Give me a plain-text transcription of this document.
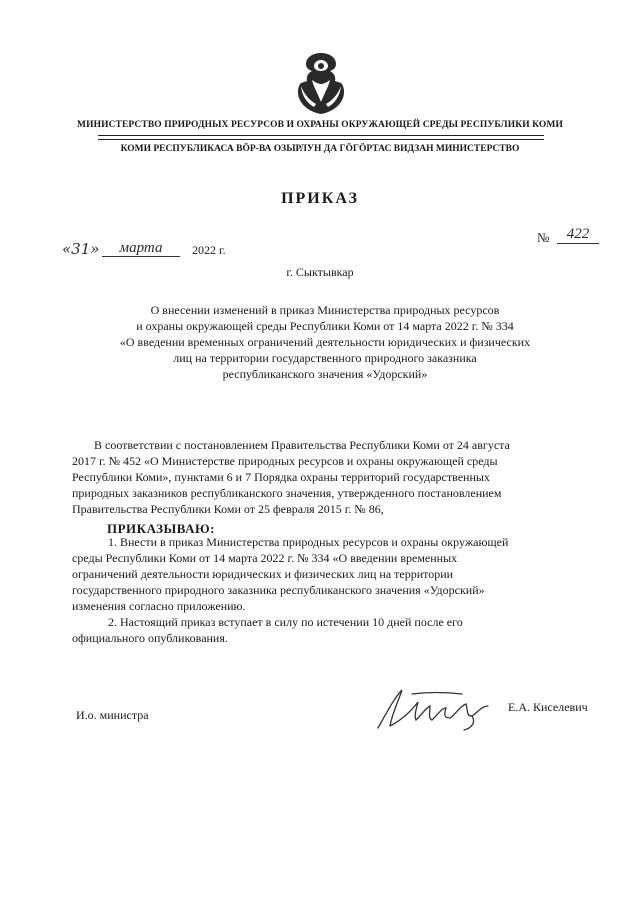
МИНИСТЕРСТВО ПРИРОДНЫХ РЕСУРСОВ И ОХРАНЫ ОКРУЖАЮЩЕЙ СРЕДЫ РЕСПУБЛИКИ КОМИ
КОМИ РЕСПУБЛИКАСА ВӦР-ВА ОЗЫРЛУН ДА ГӦГӦРТАС ВИДЗАН МИНИСТЕРСТВО
ПРИКАЗ
«31»	марта	2022 г.
№	422
г. Сыктывкар
О внесении изменений в приказ Министерства природных ресурсов
и охраны окружающей среды Республики Коми от 14 марта 2022 г. № 334
«О введении временных ограничений деятельности юридических и физических
лиц на территории государственного природного заказника
республиканского значения «Удорский»
В соответствии с постановлением Правительства Республики Коми от 24 августа
2017 г. № 452 «О Министерстве природных ресурсов и охраны окружающей среды
Республики Коми», пунктами 6 и 7 Порядка охраны территорий государственных
природных заказников республиканского значения, утвержденного постановлением
Правительства Республики Коми от 25 февраля 2015 г. № 86,
ПРИКАЗЫВАЮ:
1. Внести в приказ Министерства природных ресурсов и охраны окружающей
среды Республики Коми от 14 марта 2022 г. № 334 «О введении временных
ограничений деятельности юридических и физических лиц на территории
государственного природного заказника республиканского значения «Удорский»
изменения согласно приложению.
2. Настоящий приказ вступает в силу по истечении 10 дней после его
официального опубликования.
И.о. министра
Е.А. Киселевич
